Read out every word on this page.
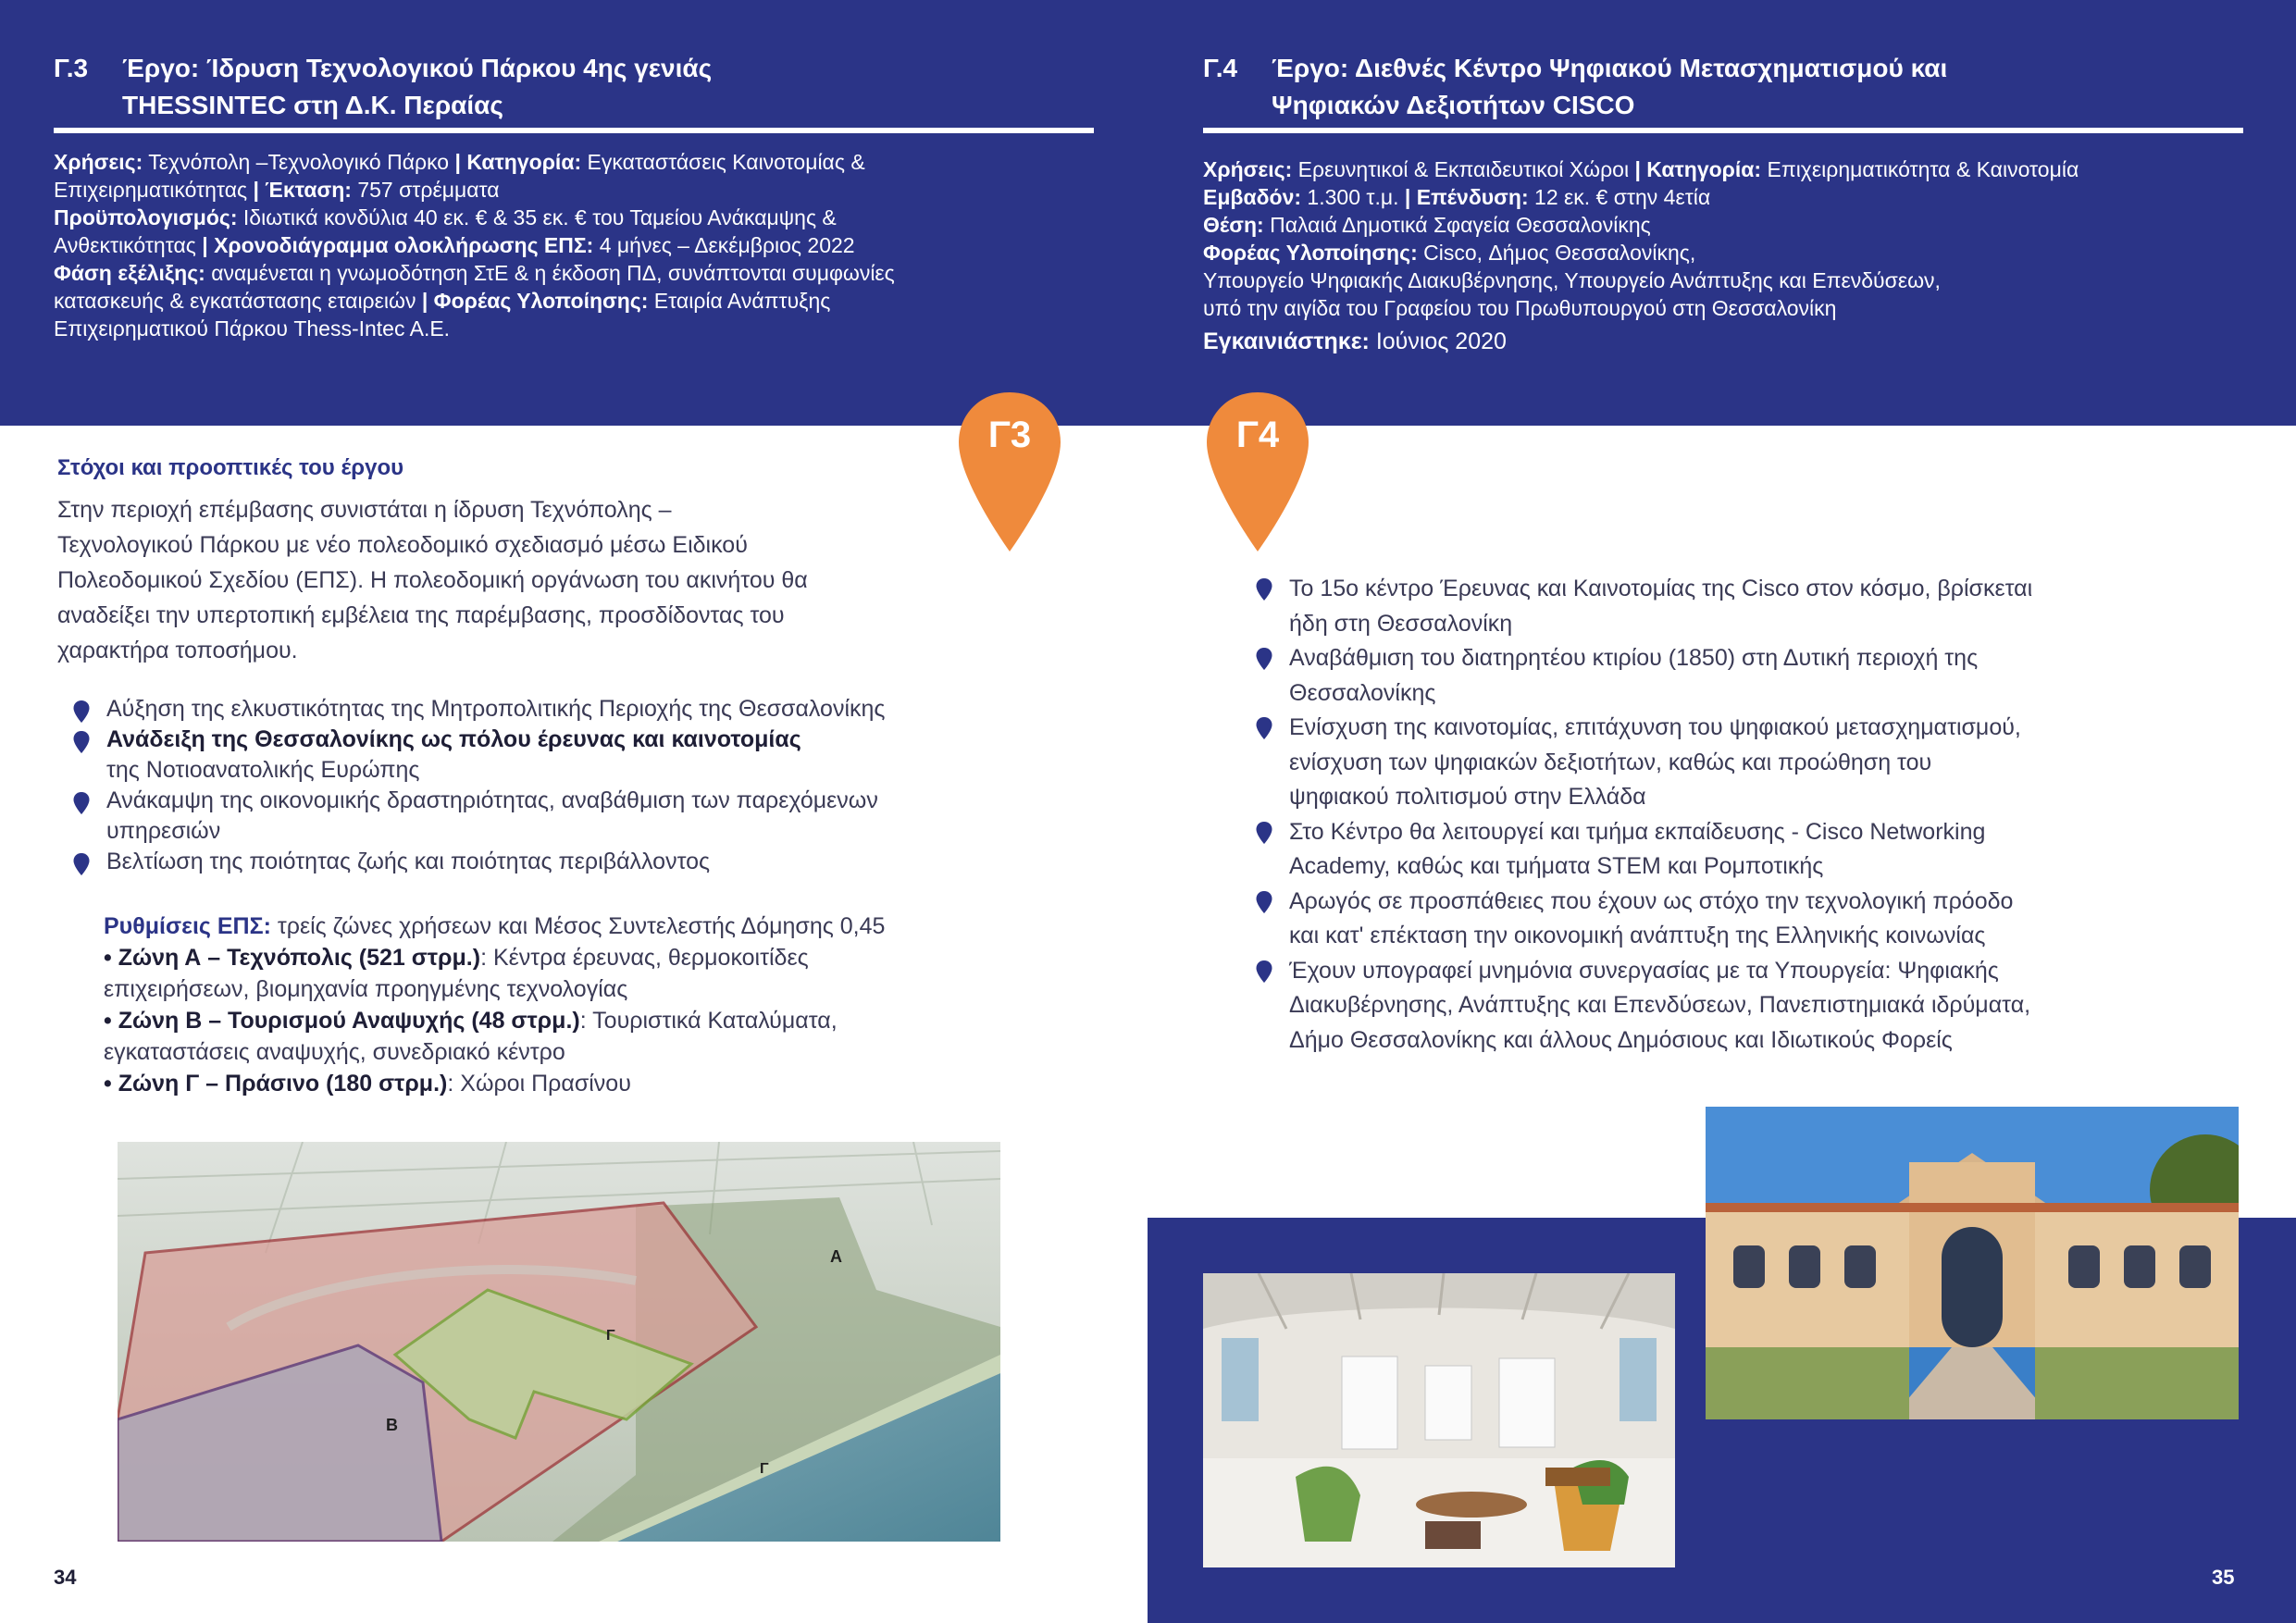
Γ.3 Έργο: Ίδρυση Τεχνολογικού Πάρκου 4ης γενιάς
THESSINTEC στη Δ.Κ. Περαίας
Χρήσεις: Τεχνόπολη –Τεχνολογικό Πάρκο | Κατηγορία: Εγκαταστάσεις Καινοτομίας &
Επιχειρηματικότητας | Έκταση: 757 στρέμματα
Προϋπολογισμός: Ιδιωτικά κονδύλια 40 εκ. € & 35 εκ. € του Ταμείου Ανάκαμψης &
Ανθεκτικότητας | Χρονοδιάγραμμα ολοκλήρωσης ΕΠΣ: 4 μήνες – Δεκέμβριος 2022
Φάση εξέλιξης: αναμένεται η γνωμοδότηση ΣτΕ & η έκδοση ΠΔ, συνάπτονται συμφωνίες
κατασκευής & εγκατάστασης εταιρειών | Φορέας Υλοποίησης: Εταιρία Ανάπτυξης
Επιχειρηματικού Πάρκου Thess-Intec A.E.
Γ.4 Έργο: Διεθνές Κέντρο Ψηφιακού Μετασχηματισμού και
Ψηφιακών Δεξιοτήτων CISCO
Χρήσεις: Ερευνητικοί & Εκπαιδευτικοί Χώροι | Κατηγορία: Επιχειρηματικότητα & Καινοτομία
Εμβαδόν: 1.300 τ.μ. | Επένδυση: 12 εκ. € στην 4ετία
Θέση: Παλαιά Δημοτικά Σφαγεία Θεσσαλονίκης
Φορέας Υλοποίησης: Cisco, Δήμος Θεσσαλονίκης,
Υπουργείο Ψηφιακής Διακυβέρνησης, Υπουργείο Ανάπτυξης και Επενδύσεων,
υπό την αιγίδα του Γραφείου του Πρωθυπουργού στη Θεσσαλονίκη
Εγκαινιάστηκε: Ιούνιος 2020
Γ3	Γ4
Στόχοι και προοπτικές του έργου
Στην περιοχή επέμβασης συνιστάται η ίδρυση Τεχνόπολης –
Τεχνολογικού Πάρκου με νέο πολεοδομικό σχεδιασμό μέσω Ειδικού
Πολεοδομικού Σχεδίου (ΕΠΣ). Η πολεοδομική οργάνωση του ακινήτου θα
αναδείξει την υπερτοπική εμβέλεια της παρέμβασης, προσδίδοντας του
χαρακτήρα τοποσήμου.
Αύξηση της ελκυστικότητας της Μητροπολιτικής Περιοχής της Θεσσαλονίκης
Ανάδειξη της Θεσσαλονίκης ως πόλου έρευνας και καινοτομίας
της Νοτιοανατολικής Ευρώπης
Ανάκαμψη της οικονομικής δραστηριότητας, αναβάθμιση των παρεχόμενων
υπηρεσιών
Βελτίωση της ποιότητας ζωής και ποιότητας περιβάλλοντος
Ρυθμίσεις ΕΠΣ: τρείς ζώνες χρήσεων και Μέσος Συντελεστής Δόμησης 0,45
• Ζώνη Α – Τεχνόπολις (521 στρμ.): Κέντρα έρευνας, θερμοκοιτίδες
επιχειρήσεων, βιομηχανία προηγμένης τεχνολογίας
• Ζώνη Β – Τουρισμού Αναψυχής (48 στρμ.): Τουριστικά Καταλύματα,
εγκαταστάσεις αναψυχής, συνεδριακό κέντρο
• Ζώνη Γ – Πράσινο (180 στρμ.): Χώροι Πρασίνου
Α
Γ
Β
Γ
34
Το 15ο κέντρο Έρευνας και Καινοτομίας της Cisco στον κόσμο, βρίσκεται
ήδη στη Θεσσαλονίκη
Αναβάθμιση του διατηρητέου κτιρίου (1850) στη Δυτική περιοχή της
Θεσσαλονίκης
Ενίσχυση της καινοτομίας, επιτάχυνση του ψηφιακού μετασχηματισμού,
ενίσχυση των ψηφιακών δεξιοτήτων, καθώς και προώθηση του
ψηφιακού πολιτισμού στην Ελλάδα
Στο Κέντρο θα λειτουργεί και τμήμα εκπαίδευσης - Cisco Networking
Academy, καθώς και τμήματα STEM και Ρομποτικής
Αρωγός σε προσπάθειες που έχουν ως στόχο την τεχνολογική πρόοδο
και κατ' επέκταση την οικονομική ανάπτυξη της Ελληνικής κοινωνίας
Έχουν υπογραφεί μνημόνια συνεργασίας με τα Υπουργεία: Ψηφιακής
Διακυβέρνησης, Ανάπτυξης και Επενδύσεων, Πανεπιστημιακά ιδρύματα,
Δήμο Θεσσαλονίκης και άλλους Δημόσιους και Ιδιωτικούς Φορείς
35
